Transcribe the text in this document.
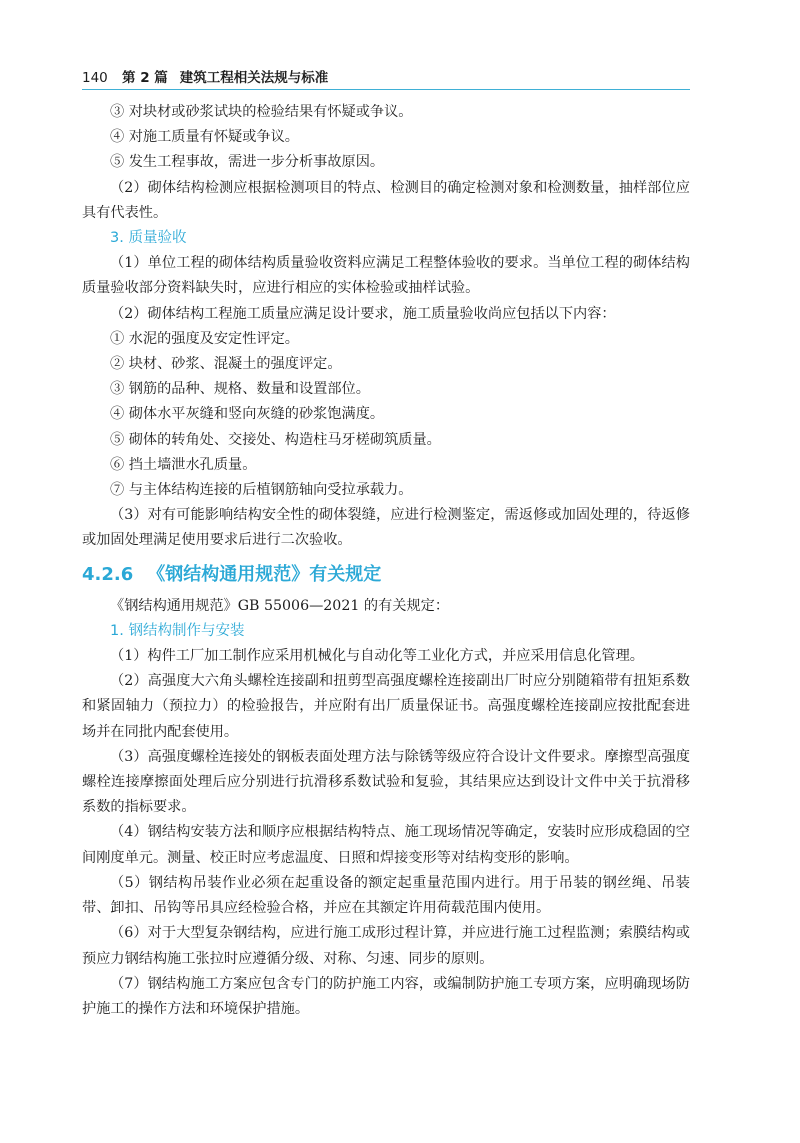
140 第 2 篇 建筑工程相关法规与标准

③ 对块材或砂浆试块的检验结果有怀疑或争议。

④ 对施工质量有怀疑或争议。

⑤ 发生工程事故，需进一步分析事故原因。

（2）砌体结构检测应根据检测项目的特点、检测目的确定检测对象和检测数量，抽样部位应具有代表性。

3. 质量验收

（1）单位工程的砌体结构质量验收资料应满足工程整体验收的要求。当单位工程的砌体结构质量验收部分资料缺失时，应进行相应的实体检验或抽样试验。

（2）砌体结构工程施工质量应满足设计要求，施工质量验收尚应包括以下内容：

① 水泥的强度及安定性评定。

② 块材、砂浆、混凝土的强度评定。

③ 钢筋的品种、规格、数量和设置部位。

④ 砌体水平灰缝和竖向灰缝的砂浆饱满度。

⑤ 砌体的转角处、交接处、构造柱马牙槎砌筑质量。

⑥ 挡土墙泄水孔质量。

⑦ 与主体结构连接的后植钢筋轴向受拉承载力。

（3）对有可能影响结构安全性的砌体裂缝，应进行检测鉴定，需返修或加固处理的，待返修或加固处理满足使用要求后进行二次验收。

4.2.6 《钢结构通用规范》有关规定

《钢结构通用规范》GB 55006—2021 的有关规定：

1. 钢结构制作与安装

（1）构件工厂加工制作应采用机械化与自动化等工业化方式，并应采用信息化管理。

（2）高强度大六角头螺栓连接副和扭剪型高强度螺栓连接副出厂时应分别随箱带有扭矩系数和紧固轴力（预拉力）的检验报告，并应附有出厂质量保证书。高强度螺栓连接副应按批配套进场并在同批内配套使用。

（3）高强度螺栓连接处的钢板表面处理方法与除锈等级应符合设计文件要求。摩擦型高强度螺栓连接摩擦面处理后应分别进行抗滑移系数试验和复验，其结果应达到设计文件中关于抗滑移系数的指标要求。

（4）钢结构安装方法和顺序应根据结构特点、施工现场情况等确定，安装时应形成稳固的空间刚度单元。测量、校正时应考虑温度、日照和焊接变形等对结构变形的影响。

（5）钢结构吊装作业必须在起重设备的额定起重量范围内进行。用于吊装的钢丝绳、吊装带、卸扣、吊钩等吊具应经检验合格，并应在其额定许用荷载范围内使用。

（6）对于大型复杂钢结构，应进行施工成形过程计算，并应进行施工过程监测；索膜结构或预应力钢结构施工张拉时应遵循分级、对称、匀速、同步的原则。

（7）钢结构施工方案应包含专门的防护施工内容，或编制防护施工专项方案，应明确现场防护施工的操作方法和环境保护措施。
